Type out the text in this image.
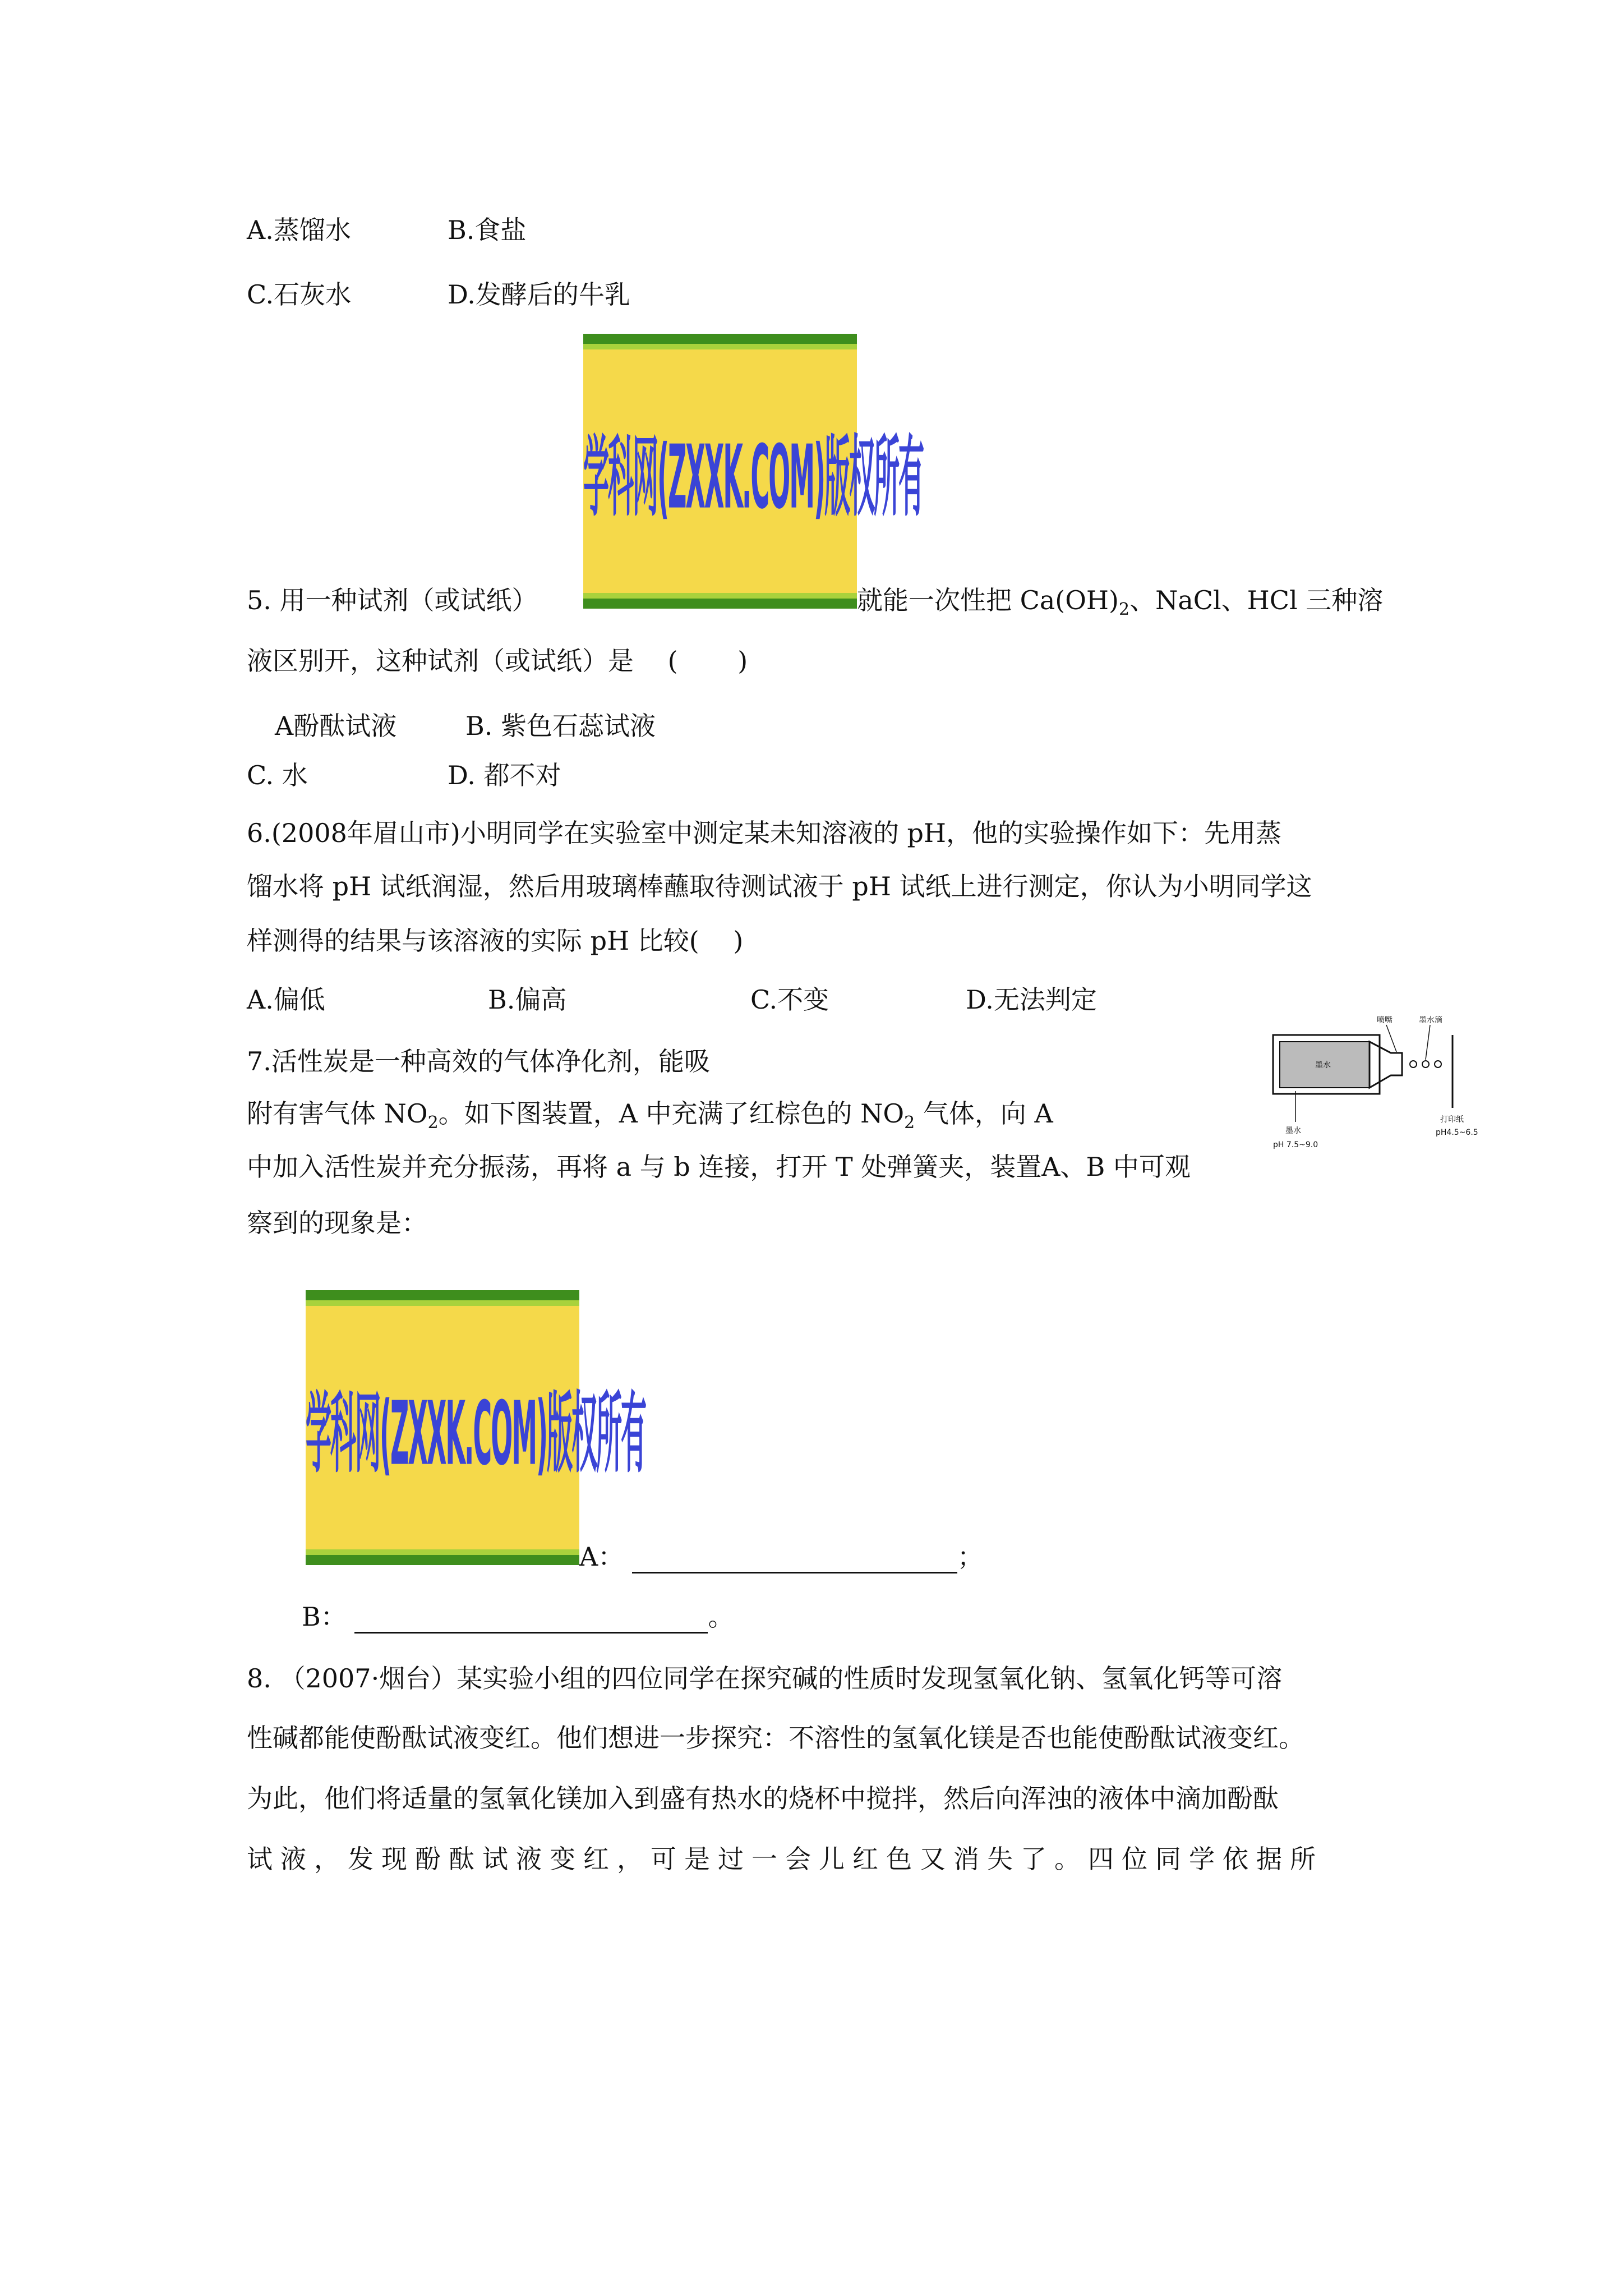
A.蒸馏水	B.食盐
C.石灰水	D.发酵后的牛乳
学科网(ZXXK.COM)版权所有
5. 用一种试剂（或试纸）	就能一次性把 $Ca(OH)_2$、NaCl、HCl 三种溶
液区别开，这种试剂（或试纸）是　 (　　 )
A酚酞试液	B. 紫色石蕊试液
C. 水	D. 都不对
6.(2008年眉山市)小明同学在实验室中测定某未知溶液的 pH，他的实验操作如下：先用蒸
馏水将 pH 试纸润湿，然后用玻璃棒蘸取待测试液于 pH 试纸上进行测定，你认为小明同学这
样测得的结果与该溶液的实际 pH 比较(　 )
A.偏低	B.偏高	C.不变	D.无法判定
7.活性炭是一种高效的气体净化剂，能吸
附有害气体 $NO_2$。如下图装置，A 中充满了红棕色的 $NO_2$ 气体，向 A
中加入活性炭并充分振荡，再将 a 与 b 连接，打开 T 处弹簧夹，装置A、B 中可观
察到的现象是：
喷嘴	墨水滴
墨水
墨水
pH 7.5~9.0
打印纸
pH4.5~6.5
学科网(ZXXK.COM)版权所有
A：	；
B：	。
8. （2007·烟台）某实验小组的四位同学在探究碱的性质时发现氢氧化钠、氢氧化钙等可溶
性碱都能使酚酞试液变红。他们想进一步探究：不溶性的氢氧化镁是否也能使酚酞试液变红。
为此，他们将适量的氢氧化镁加入到盛有热水的烧杯中搅拌，然后向浑浊的液体中滴加酚酞
试液，发现酚酞试液变红，可是过一会儿红色又消失了。四位同学依据所
